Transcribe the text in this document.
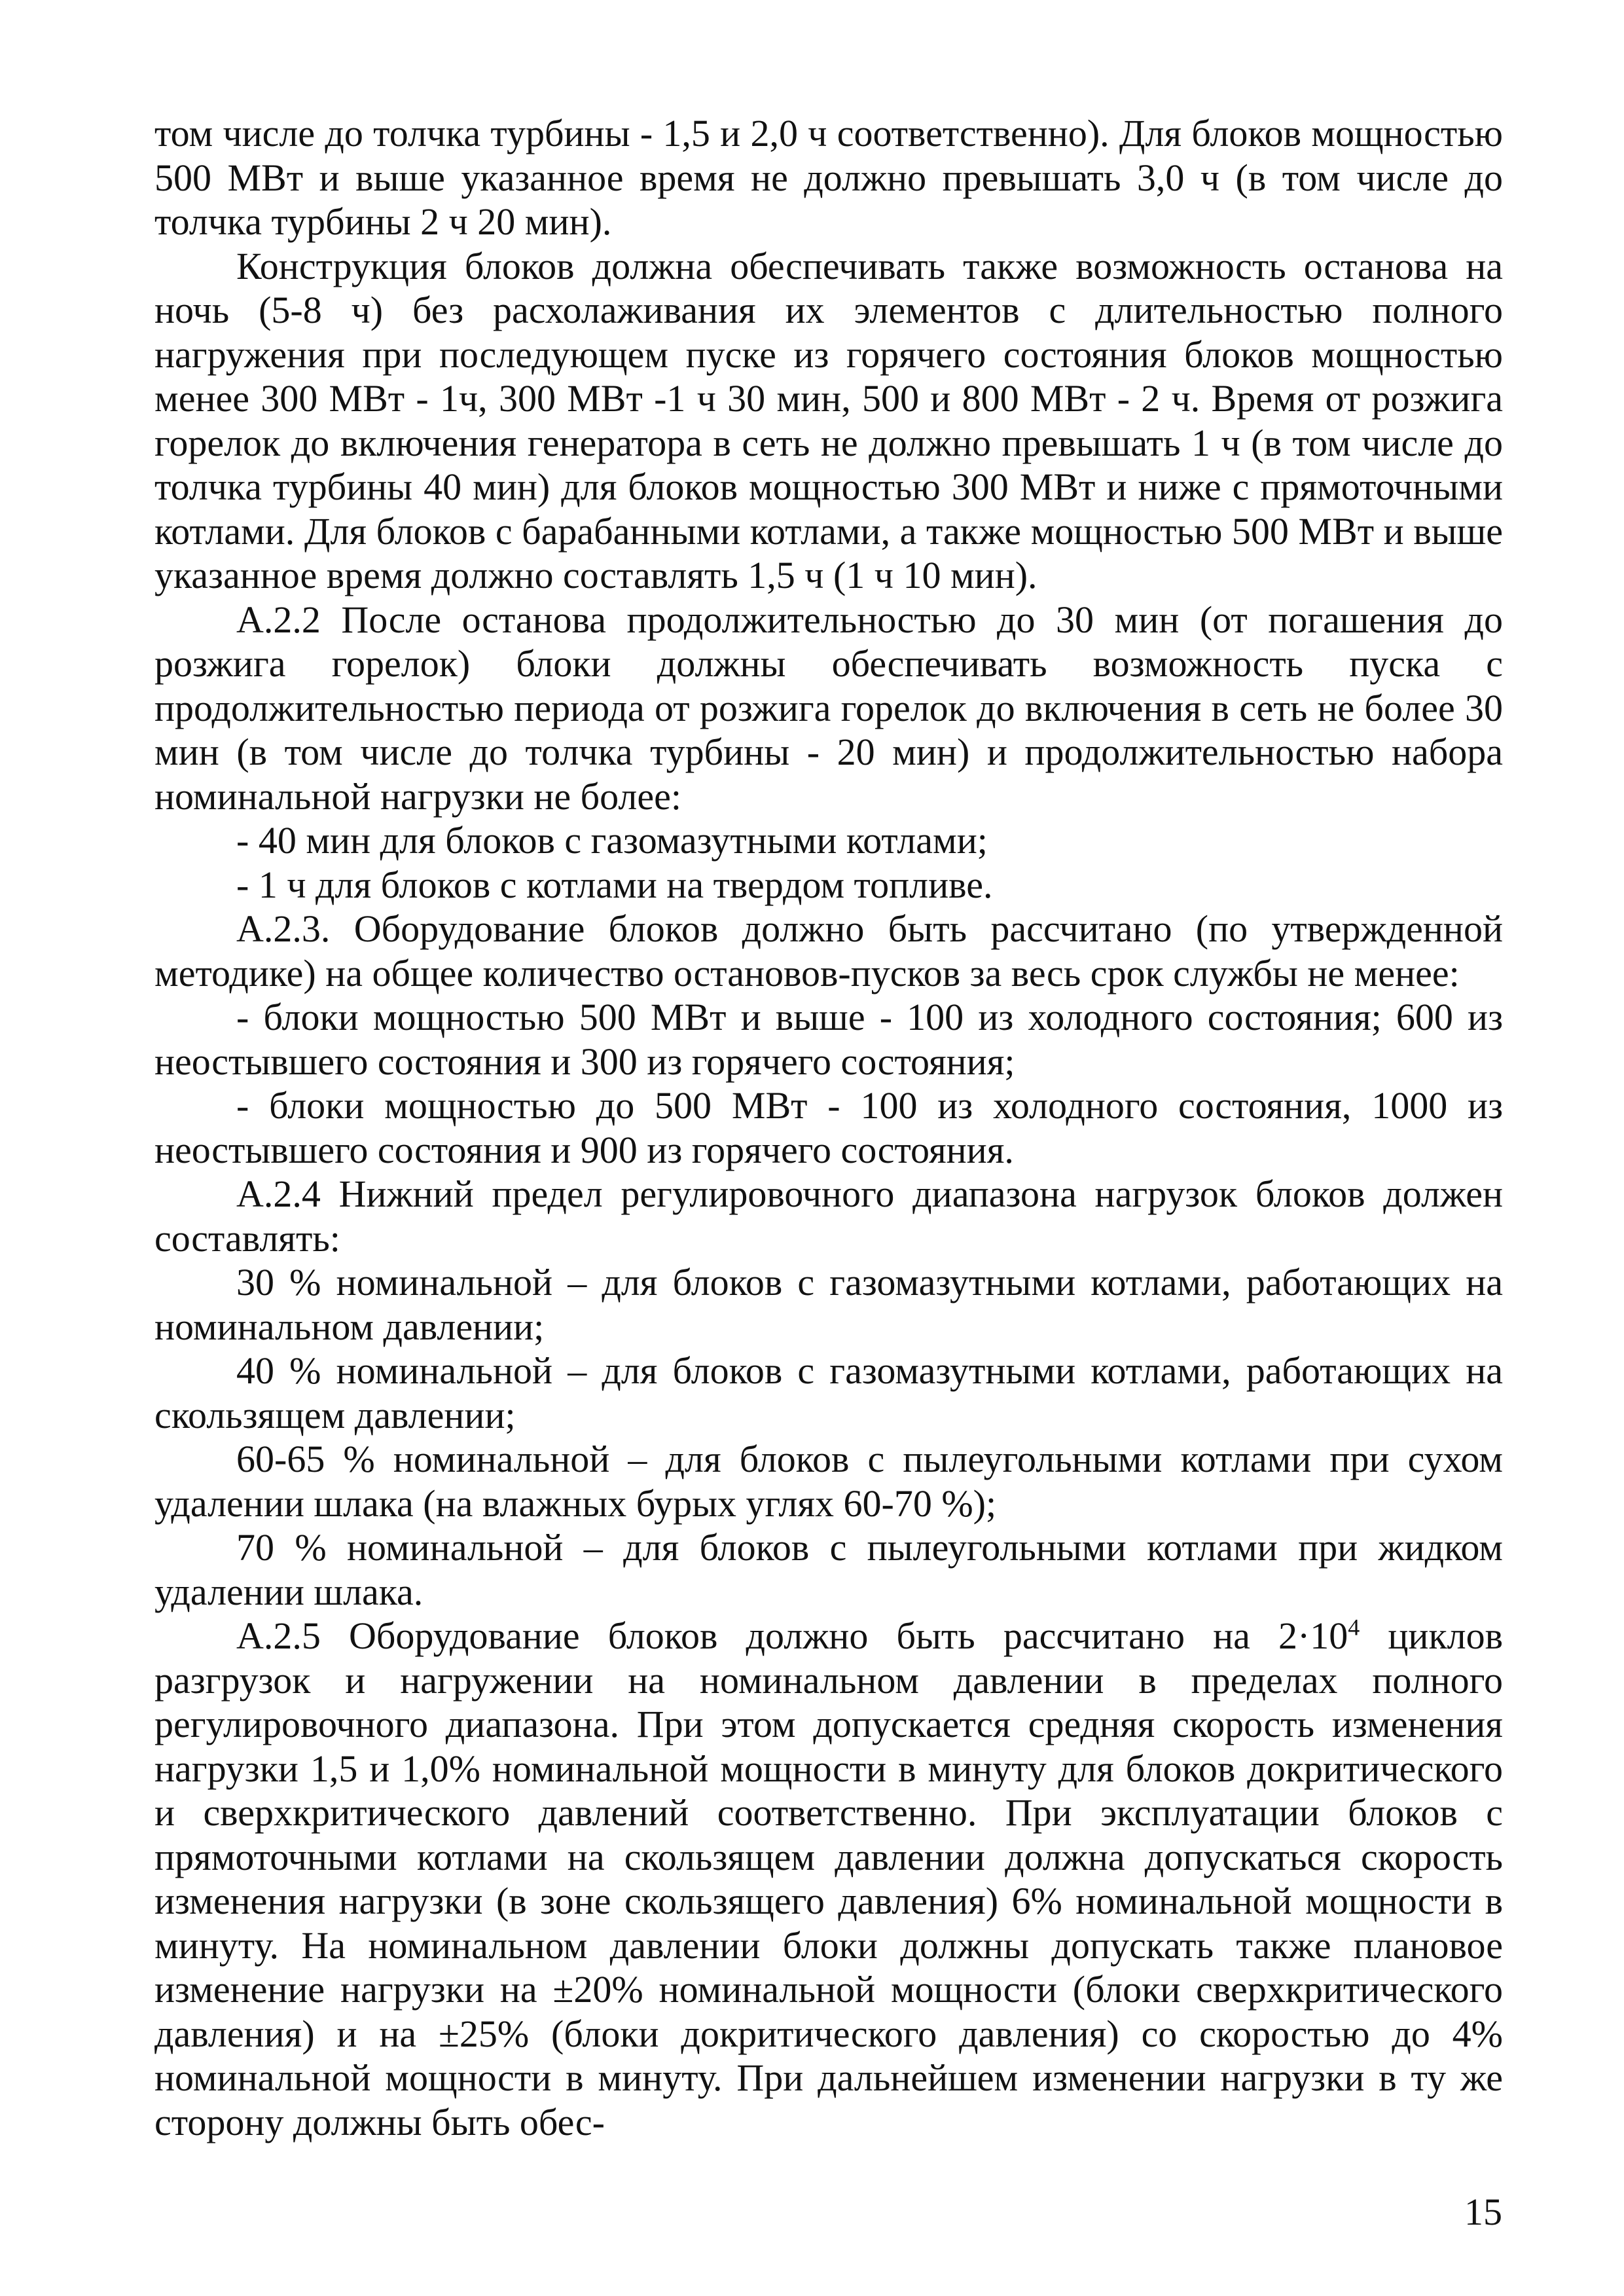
том числе до толчка турбины - 1,5 и 2,0 ч соответственно). Для блоков мощностью 500 МВт и выше указанное время не должно превышать 3,0 ч (в том числе до толчка турбины 2 ч 20 мин).

Конструкция блоков должна обеспечивать также возможность останова на ночь (5-8 ч) без расхолаживания их элементов с длительностью полного нагружения при последующем пуске из горячего состояния блоков мощностью менее 300 МВт - 1ч, 300 МВт -1 ч 30 мин, 500 и 800 МВт - 2 ч. Время от розжига горелок до включения генератора в сеть не должно превышать 1 ч (в том числе до толчка турбины 40 мин) для блоков мощностью 300 МВт и ниже с прямоточными котлами. Для блоков с барабанными котлами, а также мощностью 500 МВт и выше указанное время должно составлять 1,5 ч (1 ч 10 мин).

А.2.2 После останова продолжительностью до 30 мин (от погашения до розжига горелок) блоки должны обеспечивать возможность пуска с продолжительностью периода от розжига горелок до включения в сеть не более 30 мин (в том числе до толчка турбины - 20 мин) и продолжительностью набора номинальной нагрузки не более:

- 40 мин для блоков с газомазутными котлами;

- 1 ч для блоков с котлами на твердом топливе.

А.2.3. Оборудование блоков должно быть рассчитано (по утвержденной методике) на общее количество остановов-пусков за весь срок службы не менее:

- блоки мощностью 500 МВт и выше - 100 из холодного состояния; 600 из неостывшего состояния и 300 из горячего состояния;

- блоки мощностью до 500 МВт - 100 из холодного состояния, 1000 из неостывшего состояния и 900 из горячего состояния.

А.2.4 Нижний предел регулировочного диапазона нагрузок блоков должен составлять:

30 % номинальной – для блоков с газомазутными котлами, работающих на номинальном давлении;

40 % номинальной – для блоков с газомазутными котлами, работающих на скользящем давлении;

60-65 % номинальной – для блоков с пылеугольными котлами при сухом удалении шлака (на влажных бурых углях 60-70 %);

70 % номинальной – для блоков с пылеугольными котлами при жидком удалении шлака.

А.2.5 Оборудование блоков должно быть рассчитано на $2\cdot 10^4$ циклов разгрузок и нагружении на номинальном давлении в пределах полного регулировочного диапазона. При этом допускается средняя скорость изменения нагрузки 1,5 и 1,0% номинальной мощности в минуту для блоков докритического и сверхкритического давлений соответственно. При эксплуатации блоков с прямоточными котлами на скользящем давлении должна допускаться скорость изменения нагрузки (в зоне скользящего давления) 6% номинальной мощности в минуту. На номинальном давлении блоки должны допускать также плановое изменение нагрузки на ±20% номинальной мощности (блоки сверхкритического давления) и на ±25% (блоки докритического давления) со скоростью до 4% номинальной мощности в минуту. При дальнейшем изменении нагрузки в ту же сторону должны быть обес-

15
